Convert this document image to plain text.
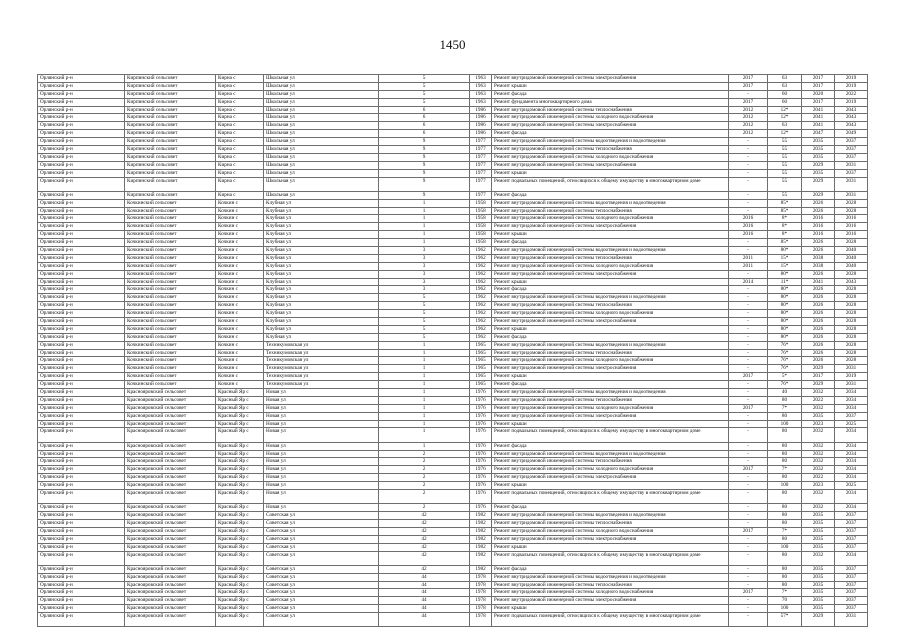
1450
Орлянский р-н	Кирпинский сельсовет	Кирна с	Школьная ул	5	1963	Ремонт внутридомовой инженерной системы электроснабжения	2017	63	2017	2019
Орлянский р-н	Кирпинский сельсовет	Кирна с	Школьная ул	5	1963	Ремонт крыши	2017	63	2017	2019
Орлянский р-н	Кирпинский сельсовет	Кирна с	Школьная ул	5	1963	Ремонт фасада	-	60	2020	2022
Орлянский р-н	Кирпинский сельсовет	Кирна с	Школьная ул	5	1963	Ремонт фундамента многоквартирного дома	2017	60	2017	2019
Орлянский р-н	Кирпинский сельсовет	Кирна с	Школьная ул	6	1986	Ремонт внутридомовой инженерной системы теплоснабжения	2012	12*	2041	2043
Орлянский р-н	Кирпинский сельсовет	Кирна с	Школьная ул	6	1986	Ремонт внутридомовой инженерной системы холодного водоснабжения	2012	12*	2041	2043
Орлянский р-н	Кирпинский сельсовет	Кирна с	Школьная ул	6	1986	Ремонт внутридомовой инженерной системы электроснабжения	2012	63	2041	2043
Орлянский р-н	Кирпинский сельсовет	Кирна с	Школьная ул	6	1986	Ремонт фасада	2012	12*	2047	2049
Орлянский р-н	Кирпинский сельсовет	Кирна с	Школьная ул	9	1977	Ремонт внутридомовой инженерной системы водоотведения и водоотведения	-	55	2035	2037
Орлянский р-н	Кирпинский сельсовет	Кирна с	Школьная ул	9	1977	Ремонт внутридомовой инженерной системы теплоснабжения	-	55	2035	2037
Орлянский р-н	Кирпинский сельсовет	Кирна с	Школьная ул	9	1977	Ремонт внутридомовой инженерной системы холодного водоснабжения	-	55	2035	2037
Орлянский р-н	Кирпинский сельсовет	Кирна с	Школьная ул	9	1977	Ремонт внутридомовой инженерной системы электроснабжения	-	55	2029	2031
Орлянский р-н	Кирпинский сельсовет	Кирна с	Школьная ул	9	1977	Ремонт крыши	-	55	2035	2037
Орлянский р-н	Кирпинский сельсовет	Кирна с	Школьная ул	9	1977	Ремонт подвальных помещений, относящихся к общему имуществу в многоквартирном доме	-	55	2029	2031
Орлянский р-н	Кирпинский сельсовет	Кирна с	Школьная ул	9	1977	Ремонт фасада	-	55	2029	2031
Орлянский р-н	Кочкинский сельсовет	Кочкин с	Клубная ул	1	1958	Ремонт внутридомовой инженерной системы водоотведения и водоотведения	-	85*	2026	2028
Орлянский р-н	Кочкинский сельсовет	Кочкин с	Клубная ул	1	1958	Ремонт внутридомовой инженерной системы теплоснабжения	-	85*	2026	2028
Орлянский р-н	Кочкинский сельсовет	Кочкин с	Клубная ул	1	1958	Ремонт внутридомовой инженерной системы холодного водоснабжения	2016	8*	2016	2016
Орлянский р-н	Кочкинский сельсовет	Кочкин с	Клубная ул	1	1958	Ремонт внутридомовой инженерной системы электроснабжения	2016	8*	2016	2016
Орлянский р-н	Кочкинский сельсовет	Кочкин с	Клубная ул	1	1958	Ремонт крыши	2016	8*	2016	2016
Орлянский р-н	Кочкинский сельсовет	Кочкин с	Клубная ул	1	1958	Ремонт фасада	-	85*	2026	2028
Орлянский р-н	Кочкинский сельсовет	Кочкин с	Клубная ул	3	1962	Ремонт внутридомовой инженерной системы водоотведения и водоотведения	-	80*	2026	2040
Орлянский р-н	Кочкинский сельсовет	Кочкин с	Клубная ул	3	1962	Ремонт внутридомовой инженерной системы теплоснабжения	2011	15*	2038	2040
Орлянский р-н	Кочкинский сельсовет	Кочкин с	Клубная ул	3	1962	Ремонт внутридомовой инженерной системы холодного водоснабжения	2011	15*	2038	2040
Орлянский р-н	Кочкинский сельсовет	Кочкин с	Клубная ул	3	1962	Ремонт внутридомовой инженерной системы электроснабжения	-	80*	2026	2028
Орлянский р-н	Кочкинский сельсовет	Кочкин с	Клубная ул	3	1962	Ремонт крыши	2014	11*	2041	2043
Орлянский р-н	Кочкинский сельсовет	Кочкин с	Клубная ул	3	1962	Ремонт фасада	-	80*	2026	2028
Орлянский р-н	Кочкинский сельсовет	Кочкин с	Клубная ул	5	1962	Ремонт внутридомовой инженерной системы водоотведения и водоотведения	-	80*	2026	2028
Орлянский р-н	Кочкинский сельсовет	Кочкин с	Клубная ул	5	1962	Ремонт внутридомовой инженерной системы теплоснабжения	-	80*	2026	2028
Орлянский р-н	Кочкинский сельсовет	Кочкин с	Клубная ул	5	1962	Ремонт внутридомовой инженерной системы холодного водоснабжения	-	80*	2026	2028
Орлянский р-н	Кочкинский сельсовет	Кочкин с	Клубная ул	5	1962	Ремонт внутридомовой инженерной системы электроснабжения	-	80*	2026	2028
Орлянский р-н	Кочкинский сельсовет	Кочкин с	Клубная ул	5	1962	Ремонт крыши	-	80*	2026	2028
Орлянский р-н	Кочкинский сельсовет	Кочкин с	Клубная ул	5	1962	Ремонт фасада	-	80*	2026	2028
Орлянский р-н	Кочкинский сельсовет	Кочкин с	Техникумовская ул	1	1965	Ремонт внутридомовой инженерной системы водоотведения и водоотведения	-	76*	2026	2028
Орлянский р-н	Кочкинский сельсовет	Кочкин с	Техникумовская ул	1	1965	Ремонт внутридомовой инженерной системы теплоснабжения	-	76*	2026	2028
Орлянский р-н	Кочкинский сельсовет	Кочкин с	Техникумовская ул	1	1965	Ремонт внутридомовой инженерной системы холодного водоснабжения	-	76*	2026	2028
Орлянский р-н	Кочкинский сельсовет	Кочкин с	Техникумовская ул	1	1965	Ремонт внутридомовой инженерной системы электроснабжения	-	76*	2029	2031
Орлянский р-н	Кочкинский сельсовет	Кочкин с	Техникумовская ул	1	1965	Ремонт крыши	2017	5*	2017	2019
Орлянский р-н	Кочкинский сельсовет	Кочкин с	Техникумовская ул	1	1965	Ремонт фасада	-	76*	2029	2031
Орлянский р-н	Краснояровский сельсовет	Красный Яр с	Новая ул	1	1976	Ремонт внутридомовой инженерной системы водоотведения и водоотведения	-	40	2032	2034
Орлянский р-н	Краснояровский сельсовет	Красный Яр с	Новая ул	1	1976	Ремонт внутридомовой инженерной системы теплоснабжения	-	80	2022	2034
Орлянский р-н	Краснояровский сельсовет	Красный Яр с	Новая ул	1	1976	Ремонт внутридомовой инженерной системы холодного водоснабжения	2017	7*	2032	2034
Орлянский р-н	Краснояровский сельсовет	Красный Яр с	Новая ул	1	1976	Ремонт внутридомовой инженерной системы электроснабжения	-	80	2035	2037
Орлянский р-н	Краснояровский сельсовет	Красный Яр с	Новая ул	1	1976	Ремонт крыши	-	100	2023	2025
Орлянский р-н	Краснояровский сельсовет	Красный Яр с	Новая ул	1	1976	Ремонт подвальных помещений, относящихся к общему имуществу в многоквартирном доме	-	80	2032	2034
Орлянский р-н	Краснояровский сельсовет	Красный Яр с	Новая ул	1	1976	Ремонт фасада	-	80	2032	2034
Орлянский р-н	Краснояровский сельсовет	Красный Яр с	Новая ул	2	1976	Ремонт внутридомовой инженерной системы водоотведения и водоотведения	-	80	2032	2034
Орлянский р-н	Краснояровский сельсовет	Красный Яр с	Новая ул	2	1976	Ремонт внутридомовой инженерной системы теплоснабжения	-	80	2032	2034
Орлянский р-н	Краснояровский сельсовет	Красный Яр с	Новая ул	2	1976	Ремонт внутридомовой инженерной системы холодного водоснабжения	2017	7*	2032	2034
Орлянский р-н	Краснояровский сельсовет	Красный Яр с	Новая ул	2	1976	Ремонт внутридомовой инженерной системы электроснабжения	-	80	2022	2034
Орлянский р-н	Краснояровский сельсовет	Красный Яр с	Новая ул	2	1976	Ремонт крыши	-	100	2023	2025
Орлянский р-н	Краснояровский сельсовет	Красный Яр с	Новая ул	2	1976	Ремонт подвальных помещений, относящихся к общему имуществу в многоквартирном доме	-	80	2032	2034
Орлянский р-н	Краснояровский сельсовет	Красный Яр с	Новая ул	2	1976	Ремонт фасада	-	80	2032	2034
Орлянский р-н	Краснояровский сельсовет	Красный Яр с	Советская ул	42	1982	Ремонт внутридомовой инженерной системы водоотведения и водоотведения	-	80	2035	2037
Орлянский р-н	Краснояровский сельсовет	Красный Яр с	Советская ул	42	1982	Ремонт внутридомовой инженерной системы теплоснабжения	-	80	2035	2037
Орлянский р-н	Краснояровский сельсовет	Красный Яр с	Советская ул	42	1982	Ремонт внутридомовой инженерной системы холодного водоснабжения	2017	7*	2035	2037
Орлянский р-н	Краснояровский сельсовет	Красный Яр с	Советская ул	42	1982	Ремонт внутридомовой инженерной системы электроснабжения	-	80	2035	2037
Орлянский р-н	Краснояровский сельсовет	Красный Яр с	Советская ул	42	1982	Ремонт крыши	-	100	2035	2037
Орлянский р-н	Краснояровский сельсовет	Красный Яр с	Советская ул	42	1982	Ремонт подвальных помещений, относящихся к общему имуществу в многоквартирном доме	-	80	2032	2034
Орлянский р-н	Краснояровский сельсовет	Красный Яр с	Советская ул	42	1982	Ремонт фасада	-	80	2035	2037
Орлянский р-н	Краснояровский сельсовет	Красный Яр с	Советская ул	44	1978	Ремонт внутридомовой инженерной системы водоотведения и водоотведения	-	80	2035	2037
Орлянский р-н	Краснояровский сельсовет	Красный Яр с	Советская ул	44	1978	Ремонт внутридомовой инженерной системы теплоснабжения	-	80	2035	2037
Орлянский р-н	Краснояровский сельсовет	Красный Яр с	Советская ул	44	1978	Ремонт внутридомовой инженерной системы холодного водоснабжения	2017	7*	2035	2037
Орлянский р-н	Краснояровский сельсовет	Красный Яр с	Советская ул	44	1978	Ремонт внутридомовой инженерной системы электроснабжения	-	70	2035	2037
Орлянский р-н	Краснояровский сельсовет	Красный Яр с	Советская ул	44	1978	Ремонт крыши	-	100	2035	2037
Орлянский р-н	Краснояровский сельсовет	Красный Яр с	Советская ул	44	1978	Ремонт подвальных помещений, относящихся к общему имуществу в многоквартирном доме	-	57*	2029	2031
